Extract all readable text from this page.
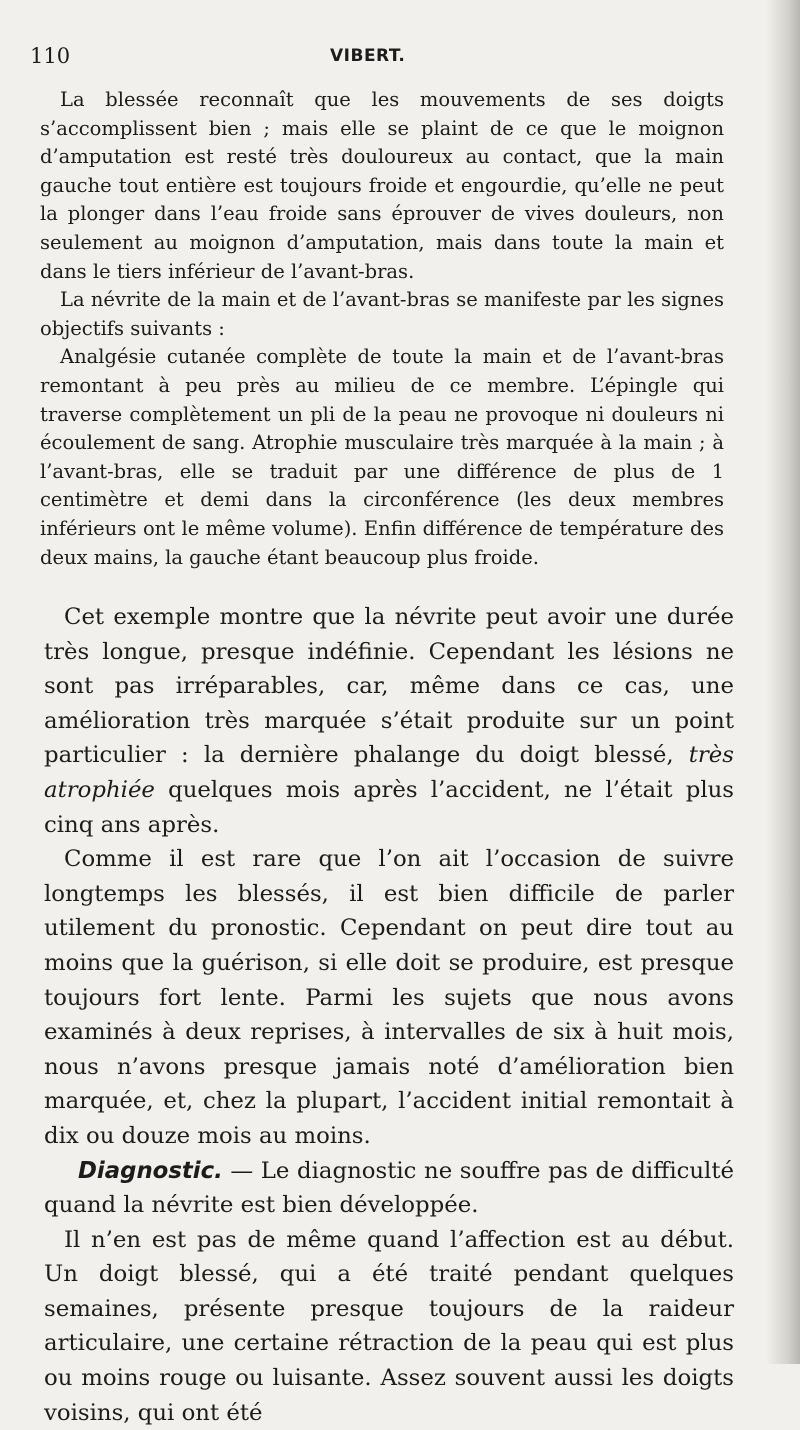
110	VIBERT.

La blessée reconnaît que les mouvements de ses doigts s’accomplissent bien ; mais elle se plaint de ce que le moignon d’amputation est resté très douloureux au contact, que la main gauche tout entière est toujours froide et engourdie, qu’elle ne peut la plonger dans l’eau froide sans éprouver de vives douleurs, non seulement au moignon d’amputation, mais dans toute la main et dans le tiers inférieur de l’avant-bras.

La névrite de la main et de l’avant-bras se manifeste par les signes objectifs suivants :

Analgésie cutanée complète de toute la main et de l’avant-bras remontant à peu près au milieu de ce membre. L’épingle qui traverse complètement un pli de la peau ne provoque ni douleurs ni écoulement de sang. Atrophie musculaire très marquée à la main ; à l’avant-bras, elle se traduit par une différence de plus de 1 centimètre et demi dans la circonférence (les deux membres inférieurs ont le même volume). Enfin différence de température des deux mains, la gauche étant beaucoup plus froide.

Cet exemple montre que la névrite peut avoir une durée très longue, presque indéfinie. Cependant les lésions ne sont pas irréparables, car, même dans ce cas, une amélioration très marquée s’était produite sur un point particulier : la dernière phalange du doigt blessé, très atrophiée quelques mois après l’accident, ne l’était plus cinq ans après.

Comme il est rare que l’on ait l’occasion de suivre longtemps les blessés, il est bien difficile de parler utilement du pronostic. Cependant on peut dire tout au moins que la guérison, si elle doit se produire, est presque toujours fort lente. Parmi les sujets que nous avons examinés à deux reprises, à intervalles de six à huit mois, nous n’avons presque jamais noté d’amélioration bien marquée, et, chez la plupart, l’accident initial remontait à dix ou douze mois au moins.

Diagnostic. — Le diagnostic ne souffre pas de difficulté quand la névrite est bien développée.

Il n’en est pas de même quand l’affection est au début. Un doigt blessé, qui a été traité pendant quelques semaines, présente presque toujours de la raideur articulaire, une certaine rétraction de la peau qui est plus ou moins rouge ou luisante. Assez souvent aussi les doigts voisins, qui ont été
